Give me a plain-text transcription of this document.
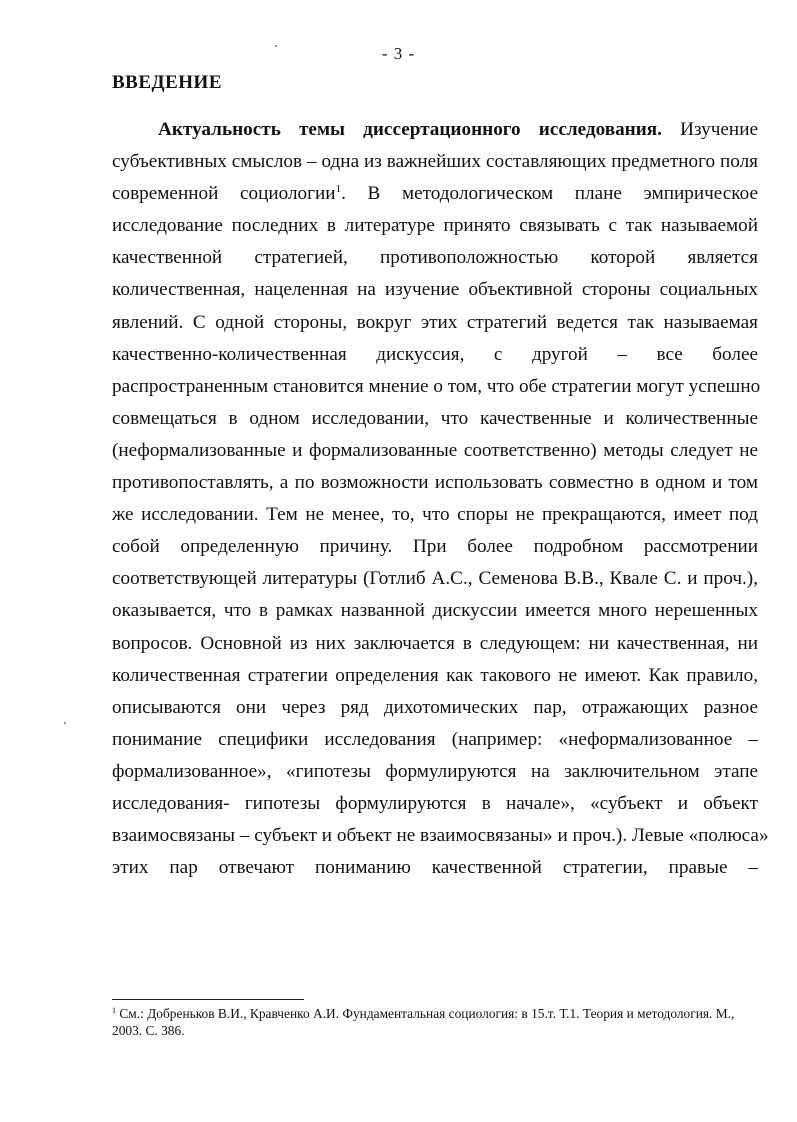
- 3 -
ВВЕДЕНИЕ
Актуальность темы диссертационного исследования. Изучение
субъективных смыслов – одна из важнейших составляющих предметного поля
современной социологии$^1$. В методологическом плане эмпирическое
исследование последних в литературе принято связывать с так называемой
качественной стратегией, противоположностью которой является
количественная, нацеленная на изучение объективной стороны социальных
явлений. С одной стороны, вокруг этих стратегий ведется так называемая
качественно-количественная дискуссия, с другой – все более
распространенным становится мнение о том, что обе стратегии могут успешно
совмещаться в одном исследовании, что качественные и количественные
(неформализованные и формализованные соответственно) методы следует не
противопоставлять, а по возможности использовать совместно в одном и том
же исследовании. Тем не менее, то, что споры не прекращаются, имеет под
собой определенную причину. При более подробном рассмотрении
соответствующей литературы (Готлиб А.С., Семенова В.В., Квале С. и проч.),
оказывается, что в рамках названной дискуссии имеется много нерешенных
вопросов. Основной из них заключается в следующем: ни качественная, ни
количественная стратегии определения как такового не имеют. Как правило,
описываются они через ряд дихотомических пар, отражающих разное
понимание специфики исследования (например: «неформализованное –
формализованное», «гипотезы формулируются на заключительном этапе
исследования- гипотезы формулируются в начале», «субъект и объект
взаимосвязаны – субъект и объект не взаимосвязаны» и проч.). Левые «полюса»
этих пар отвечают пониманию качественной стратегии, правые –
$^1$ См.: Добреньков В.И., Кравченко А.И. Фундаментальная социология: в 15.т. Т.1. Теория и методология. М.,
2003. С. 386.
